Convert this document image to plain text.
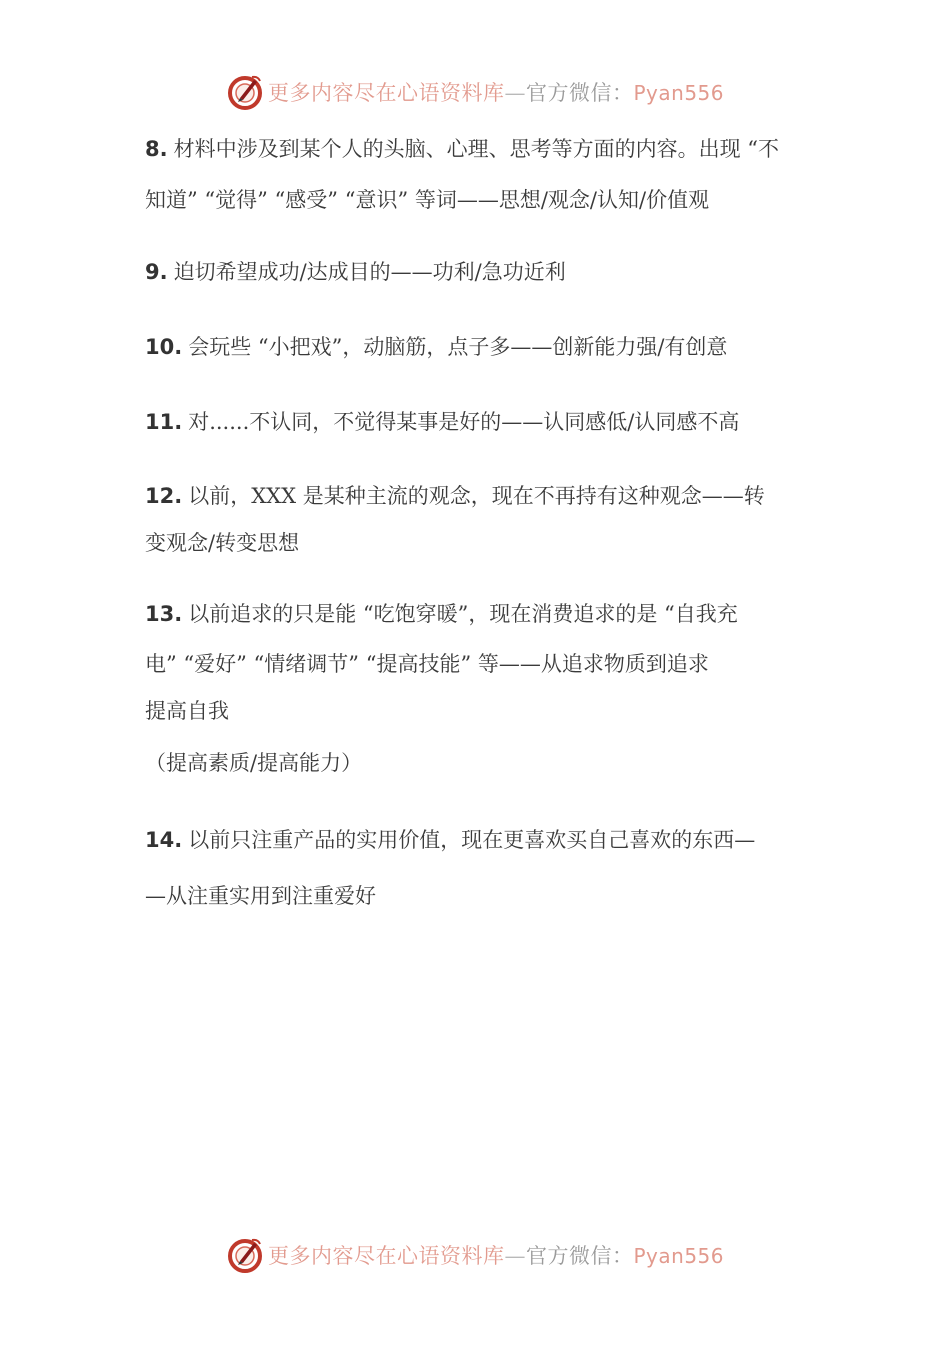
更多内容尽在心语资料库—官方微信：Pyan556
8. 材料中涉及到某个人的头脑、心理、思考等方面的内容。出现 “不
知道” “觉得” “感受” “意识” 等词——思想/观念/认知/价值观
9. 迫切希望成功/达成目的——功利/急功近利
10. 会玩些 “小把戏”，动脑筋，点子多——创新能力强/有创意
11. 对......不认同，不觉得某事是好的——认同感低/认同感不高
12. 以前，XXX 是某种主流的观念，现在不再持有这种观念——转
变观念/转变思想
13. 以前追求的只是能 “吃饱穿暖”，现在消费追求的是 “自我充
电” “爱好” “情绪调节” “提高技能” 等——从追求物质到追求
提高自我
（提高素质/提高能力）
14. 以前只注重产品的实用价值，现在更喜欢买自己喜欢的东西—
—从注重实用到注重爱好
更多内容尽在心语资料库—官方微信：Pyan556
